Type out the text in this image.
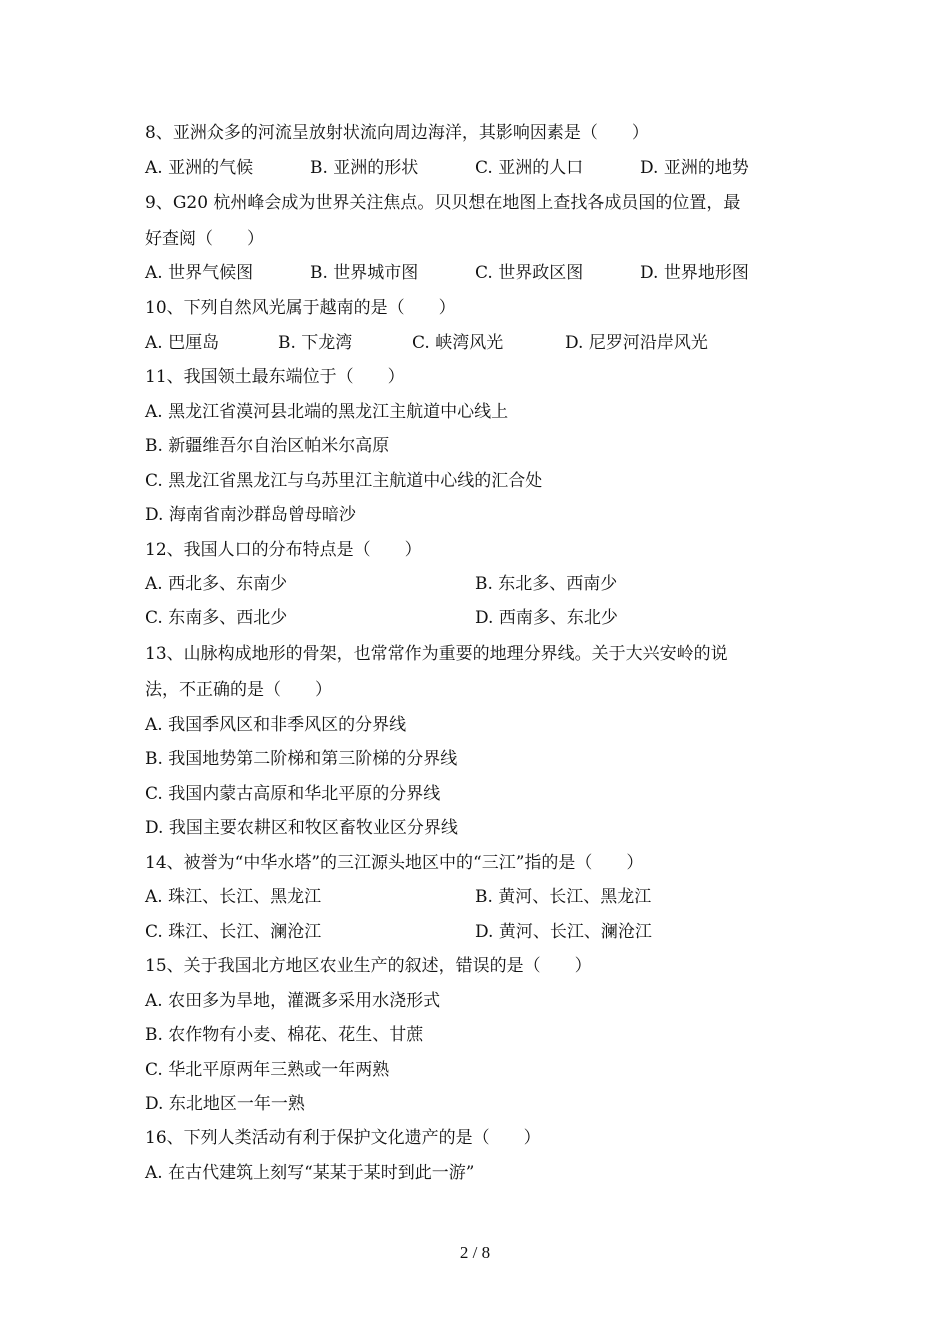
8、亚洲众多的河流呈放射状流向周边海洋，其影响因素是（　　）
A. 亚洲的气候	B. 亚洲的形状	C. 亚洲的人口	D. 亚洲的地势
9、G20 杭州峰会成为世界关注焦点。贝贝想在地图上查找各成员国的位置，最
好查阅（　　）
A. 世界气候图	B. 世界城市图	C. 世界政区图	D. 世界地形图
10、下列自然风光属于越南的是（　　）
A. 巴厘岛	B. 下龙湾	C. 峡湾风光	D. 尼罗河沿岸风光
11、我国领土最东端位于（　　）
A. 黑龙江省漠河县北端的黑龙江主航道中心线上
B. 新疆维吾尔自治区帕米尔高原
C. 黑龙江省黑龙江与乌苏里江主航道中心线的汇合处
D. 海南省南沙群岛曾母暗沙
12、我国人口的分布特点是（　　）
A. 西北多、东南少	B. 东北多、西南少
C. 东南多、西北少	D. 西南多、东北少
13、山脉构成地形的骨架，也常常作为重要的地理分界线。关于大兴安岭的说
法，不正确的是（　　）
A. 我国季风区和非季风区的分界线
B. 我国地势第二阶梯和第三阶梯的分界线
C. 我国内蒙古高原和华北平原的分界线
D. 我国主要农耕区和牧区畜牧业区分界线
14、被誉为“中华水塔”的三江源头地区中的“三江”指的是（　　）
A. 珠江、长江、黑龙江	B. 黄河、长江、黑龙江
C. 珠江、长江、澜沧江	D. 黄河、长江、澜沧江
15、关于我国北方地区农业生产的叙述，错误的是（　　）
A. 农田多为旱地，灌溉多采用水浇形式
B. 农作物有小麦、棉花、花生、甘蔗
C. 华北平原两年三熟或一年两熟
D. 东北地区一年一熟
16、下列人类活动有利于保护文化遗产的是（　　）
A. 在古代建筑上刻写“某某于某时到此一游”
2 / 8
